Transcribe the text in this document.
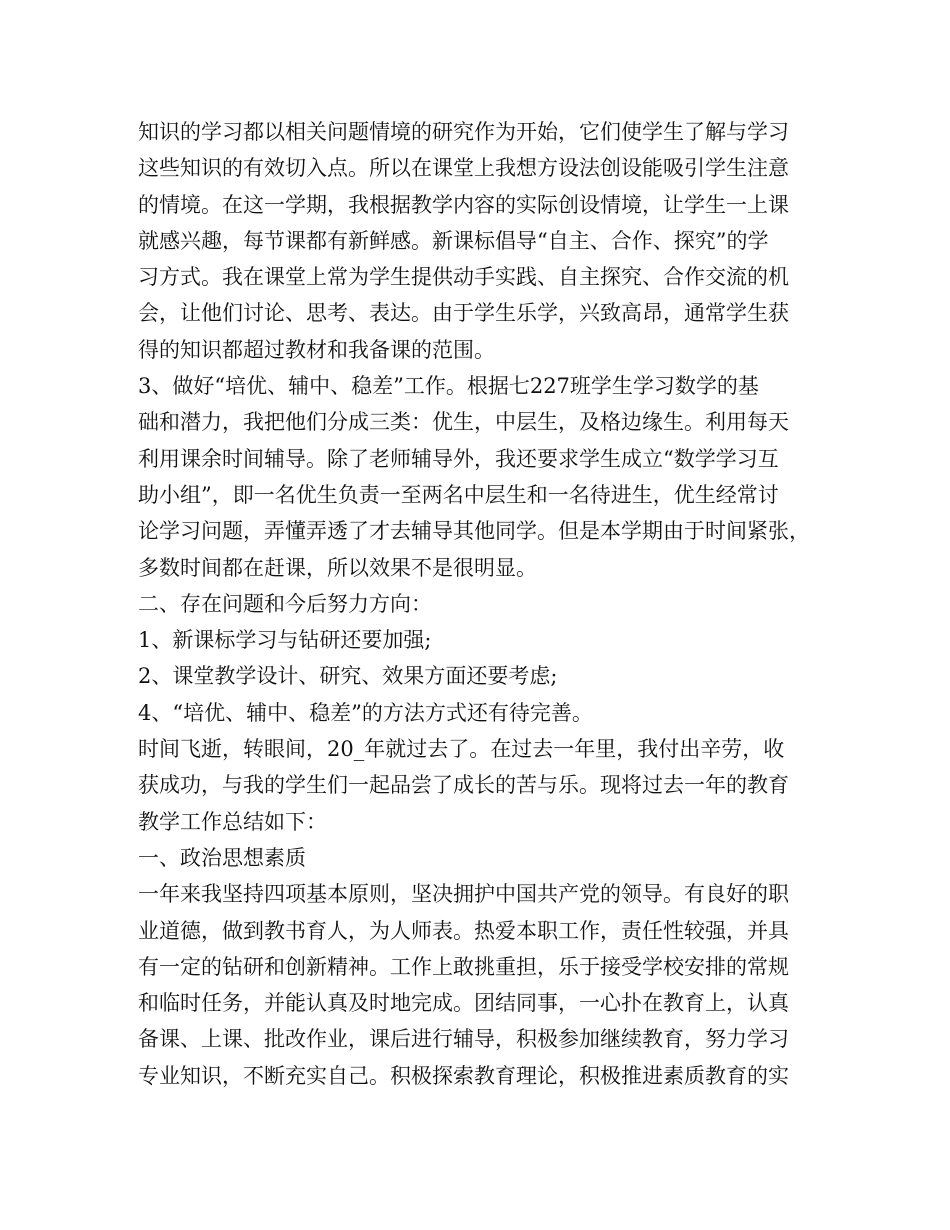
知识的学习都以相关问题情境的研究作为开始，它们使学生了解与学习
这些知识的有效切入点。所以在课堂上我想方设法创设能吸引学生注意
的情境。在这一学期，我根据教学内容的实际创设情境，让学生一上课
就感兴趣，每节课都有新鲜感。新课标倡导“自主、合作、探究”的学
习方式。我在课堂上常为学生提供动手实践、自主探究、合作交流的机
会，让他们讨论、思考、表达。由于学生乐学，兴致高昂，通常学生获
得的知识都超过教材和我备课的范围。
3、做好“培优、辅中、稳差”工作。根据七227班学生学习数学的基
础和潜力，我把他们分成三类：优生，中层生，及格边缘生。利用每天
利用课余时间辅导。除了老师辅导外，我还要求学生成立“数学学习互
助小组”，即一名优生负责一至两名中层生和一名待进生，优生经常讨
论学习问题，弄懂弄透了才去辅导其他同学。但是本学期由于时间紧张，
多数时间都在赶课，所以效果不是很明显。
二、存在问题和今后努力方向：
1、新课标学习与钻研还要加强;
2、课堂教学设计、研究、效果方面还要考虑;
4、“培优、辅中、稳差”的方法方式还有待完善。
时间飞逝，转眼间，20_年就过去了。在过去一年里，我付出辛劳，收
获成功，与我的学生们一起品尝了成长的苦与乐。现将过去一年的教育
教学工作总结如下：
一、政治思想素质
一年来我坚持四项基本原则，坚决拥护中国共产党的领导。有良好的职
业道德，做到教书育人，为人师表。热爱本职工作，责任性较强，并具
有一定的钻研和创新精神。工作上敢挑重担，乐于接受学校安排的常规
和临时任务，并能认真及时地完成。团结同事，一心扑在教育上，认真
备课、上课、批改作业，课后进行辅导，积极参加继续教育，努力学习
专业知识，不断充实自己。积极探索教育理论，积极推进素质教育的实
